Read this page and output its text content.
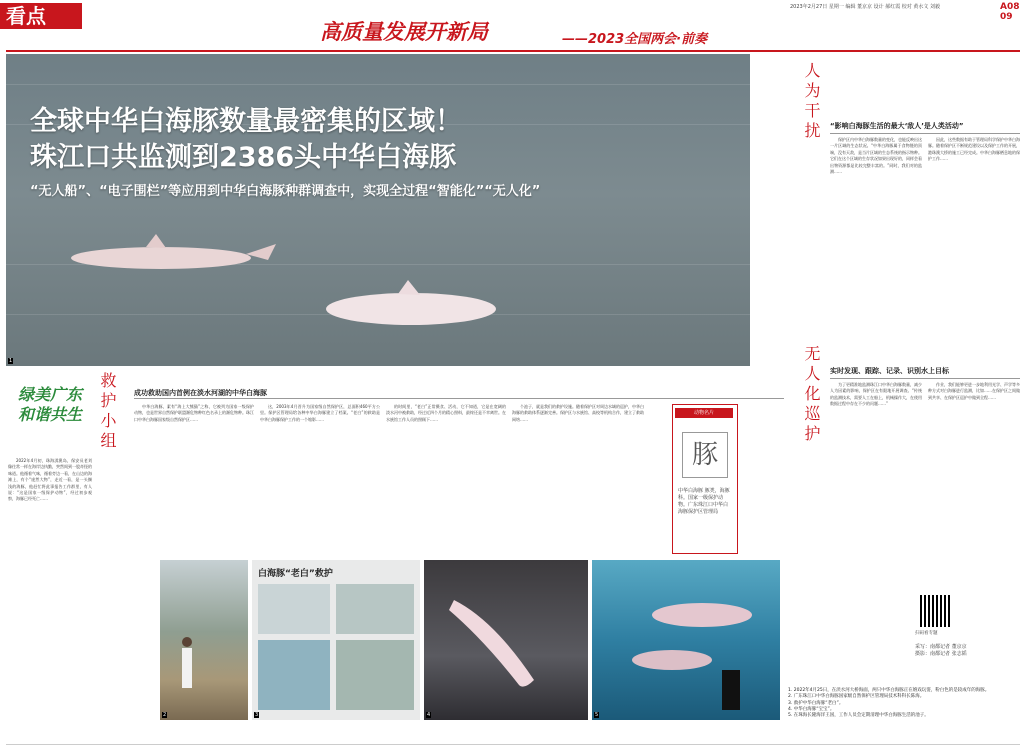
看点
高质量发展开新局	——2023全国两会·前奏
2023年2月27日 星期一 编辑 董京京 设计 郝红霞 校对 黄水文 刘毅	A08 09
1
全球中华白海豚数量最密集的区域！
珠江口共监测到2386头中华白海豚
“无人船”、“电子围栏”等应用到中华白海豚种群调查中，实现全过程“智能化”“无人化”
人为干扰 “影响白海豚生活的最大‘敌人’是人类活动”

保护区内中华白海豚数量的变化，也能反映出这一片区域的生态状况。“中华白海豚属于食物链的顶端，没有天敌，是当片区域的生态系统的指示物种。它们在这个区域的生存状况如果出现好的，同样会看出物资源都是比较完整丰富的。”同时，我们对的监测……

因此，这些数据有助于管理局科学保护中华白海豚。随着保护区不断规范建设以及保护工作的开展，港珠澳大桥的施工已经完成。中华白海豚栖息地的保护工作……

无人化巡护 实时发现、跟踪、记录、识别水上目标

为了更精准地监测珠江口中华白海豚数量，减少人为因素的影响，保护区在有限地开展调查。“传统的监测技术，需要人工在船上，机械操作大，在使用数据过程中存在不少的问题……”

作业，我们能够更进一步地利用光学、声学等多种方式对白海豚进行监测，比如……在保护区之间做到共享、在保护区巡护中做到全程……

扫码看专题
采写：南都记者 董京京
摄影：南都记者 张志韬
绿美广东 和谐共生

2022年4月初，珠海淇澳岛，保安员老刘像往常一样在海岸边执勤，突然间到一股奇怪的味道。他循着气味，循着旁边一看，在山边的海滩上，有个“庞然大物”，走近一看，是一头搁浅的海豚，他赶忙将此事报告工作群里，有人说：“这是国家一级保护动物”，经过初步观察，海豚已经死亡……

救护小组 成功救助国内首例在淡水河湖的中华白海豚

中华白海豚，素有“海上大熊猫”之称，它被列为国家一级保护动物，也是世界自然保护联盟濒危物种红色名录上的濒危物种。珠江口中华白海豚国家级自然保护区……

这，2003年4月晋升为国家级自然保护区，总面积460平方公里。保护区管理局给各种中华白海豚建立了档案。“老白”的救助是中华白海豚保护工作的一个缩影……

的时间里，“老白”正常摄食、活动，它不知道，它是在宽阔的淡水河中被救助，经过近四个月的精心照料，最终还是不幸离世。在水族馆工作人员的照顾下……

个池子，就是我们的救护设施。随着保护区对周边水域的巡护，中华白海豚的救助体系逐渐完善。保护区与水族馆、高校等机构合作，建立了救助网络……

动物名片
豚
中华白海豚 豚类，海豚科。国家一级保护动物。广东珠江口中华白海豚保护区管理局
2
白海豚“老白”救护
3	4	5
1. 2022年4月25日，在淡水河大桥海面，两只中华白海豚正在嬉戏玩耍，粉白色的是较成年的海豚。
2. 广东珠江口中华白海豚国家级自然保护区管理局技术科科长陈海。
3. 救护中华白海豚“老白”。
4. 中华白海豚“宝宝”。
5. 在珠海长隆海洋王国，工作人员会定期清理中华白海豚生活的池子。
